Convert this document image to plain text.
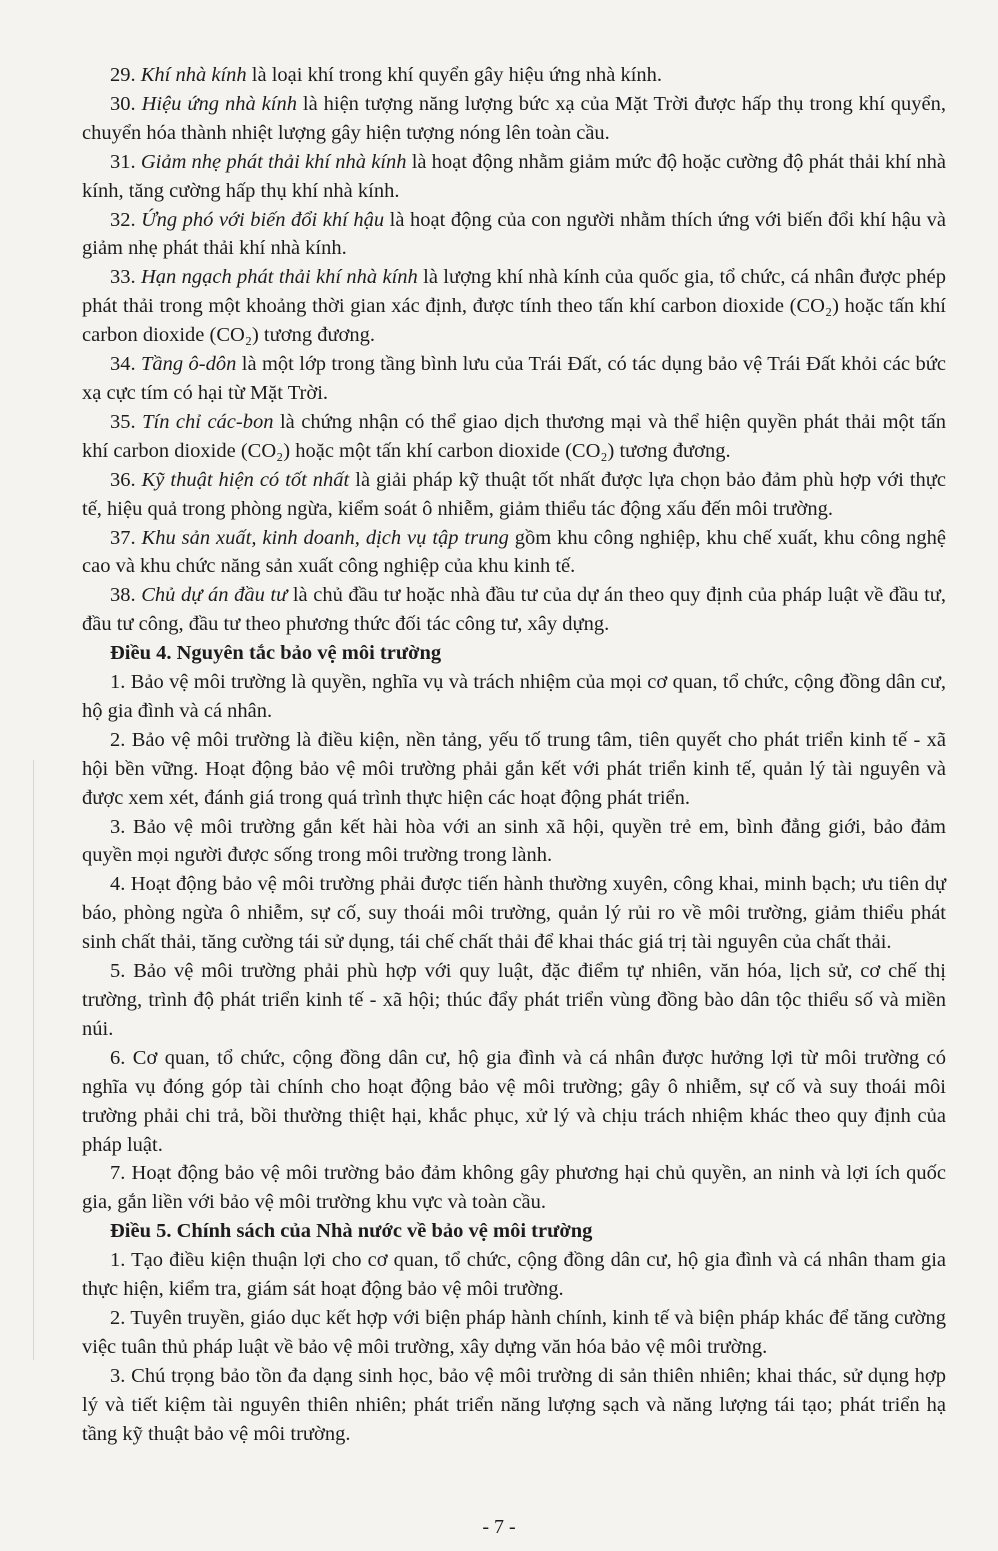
29. Khí nhà kính là loại khí trong khí quyển gây hiệu ứng nhà kính.

30. Hiệu ứng nhà kính là hiện tượng năng lượng bức xạ của Mặt Trời được hấp thụ trong khí quyển, chuyển hóa thành nhiệt lượng gây hiện tượng nóng lên toàn cầu.

31. Giảm nhẹ phát thải khí nhà kính là hoạt động nhằm giảm mức độ hoặc cường độ phát thải khí nhà kính, tăng cường hấp thụ khí nhà kính.

32. Ứng phó với biến đổi khí hậu là hoạt động của con người nhằm thích ứng với biến đổi khí hậu và giảm nhẹ phát thải khí nhà kính.

33. Hạn ngạch phát thải khí nhà kính là lượng khí nhà kính của quốc gia, tổ chức, cá nhân được phép phát thải trong một khoảng thời gian xác định, được tính theo tấn khí carbon dioxide (CO₂) hoặc tấn khí carbon dioxide (CO₂) tương đương.

34. Tầng ô-dôn là một lớp trong tầng bình lưu của Trái Đất, có tác dụng bảo vệ Trái Đất khỏi các bức xạ cực tím có hại từ Mặt Trời.

35. Tín chỉ các-bon là chứng nhận có thể giao dịch thương mại và thể hiện quyền phát thải một tấn khí carbon dioxide (CO₂) hoặc một tấn khí carbon dioxide (CO₂) tương đương.

36. Kỹ thuật hiện có tốt nhất là giải pháp kỹ thuật tốt nhất được lựa chọn bảo đảm phù hợp với thực tế, hiệu quả trong phòng ngừa, kiểm soát ô nhiễm, giảm thiểu tác động xấu đến môi trường.

37. Khu sản xuất, kinh doanh, dịch vụ tập trung gồm khu công nghiệp, khu chế xuất, khu công nghệ cao và khu chức năng sản xuất công nghiệp của khu kinh tế.

38. Chủ dự án đầu tư là chủ đầu tư hoặc nhà đầu tư của dự án theo quy định của pháp luật về đầu tư, đầu tư công, đầu tư theo phương thức đối tác công tư, xây dựng.

Điều 4. Nguyên tắc bảo vệ môi trường

1. Bảo vệ môi trường là quyền, nghĩa vụ và trách nhiệm của mọi cơ quan, tổ chức, cộng đồng dân cư, hộ gia đình và cá nhân.

2. Bảo vệ môi trường là điều kiện, nền tảng, yếu tố trung tâm, tiên quyết cho phát triển kinh tế - xã hội bền vững. Hoạt động bảo vệ môi trường phải gắn kết với phát triển kinh tế, quản lý tài nguyên và được xem xét, đánh giá trong quá trình thực hiện các hoạt động phát triển.

3. Bảo vệ môi trường gắn kết hài hòa với an sinh xã hội, quyền trẻ em, bình đẳng giới, bảo đảm quyền mọi người được sống trong môi trường trong lành.

4. Hoạt động bảo vệ môi trường phải được tiến hành thường xuyên, công khai, minh bạch; ưu tiên dự báo, phòng ngừa ô nhiễm, sự cố, suy thoái môi trường, quản lý rủi ro về môi trường, giảm thiểu phát sinh chất thải, tăng cường tái sử dụng, tái chế chất thải để khai thác giá trị tài nguyên của chất thải.

5. Bảo vệ môi trường phải phù hợp với quy luật, đặc điểm tự nhiên, văn hóa, lịch sử, cơ chế thị trường, trình độ phát triển kinh tế - xã hội; thúc đẩy phát triển vùng đồng bào dân tộc thiểu số và miền núi.

6. Cơ quan, tổ chức, cộng đồng dân cư, hộ gia đình và cá nhân được hưởng lợi từ môi trường có nghĩa vụ đóng góp tài chính cho hoạt động bảo vệ môi trường; gây ô nhiễm, sự cố và suy thoái môi trường phải chi trả, bồi thường thiệt hại, khắc phục, xử lý và chịu trách nhiệm khác theo quy định của pháp luật.

7. Hoạt động bảo vệ môi trường bảo đảm không gây phương hại chủ quyền, an ninh và lợi ích quốc gia, gắn liền với bảo vệ môi trường khu vực và toàn cầu.

Điều 5. Chính sách của Nhà nước về bảo vệ môi trường

1. Tạo điều kiện thuận lợi cho cơ quan, tổ chức, cộng đồng dân cư, hộ gia đình và cá nhân tham gia thực hiện, kiểm tra, giám sát hoạt động bảo vệ môi trường.

2. Tuyên truyền, giáo dục kết hợp với biện pháp hành chính, kinh tế và biện pháp khác để tăng cường việc tuân thủ pháp luật về bảo vệ môi trường, xây dựng văn hóa bảo vệ môi trường.

3. Chú trọng bảo tồn đa dạng sinh học, bảo vệ môi trường di sản thiên nhiên; khai thác, sử dụng hợp lý và tiết kiệm tài nguyên thiên nhiên; phát triển năng lượng sạch và năng lượng tái tạo; phát triển hạ tầng kỹ thuật bảo vệ môi trường.

- 7 -
